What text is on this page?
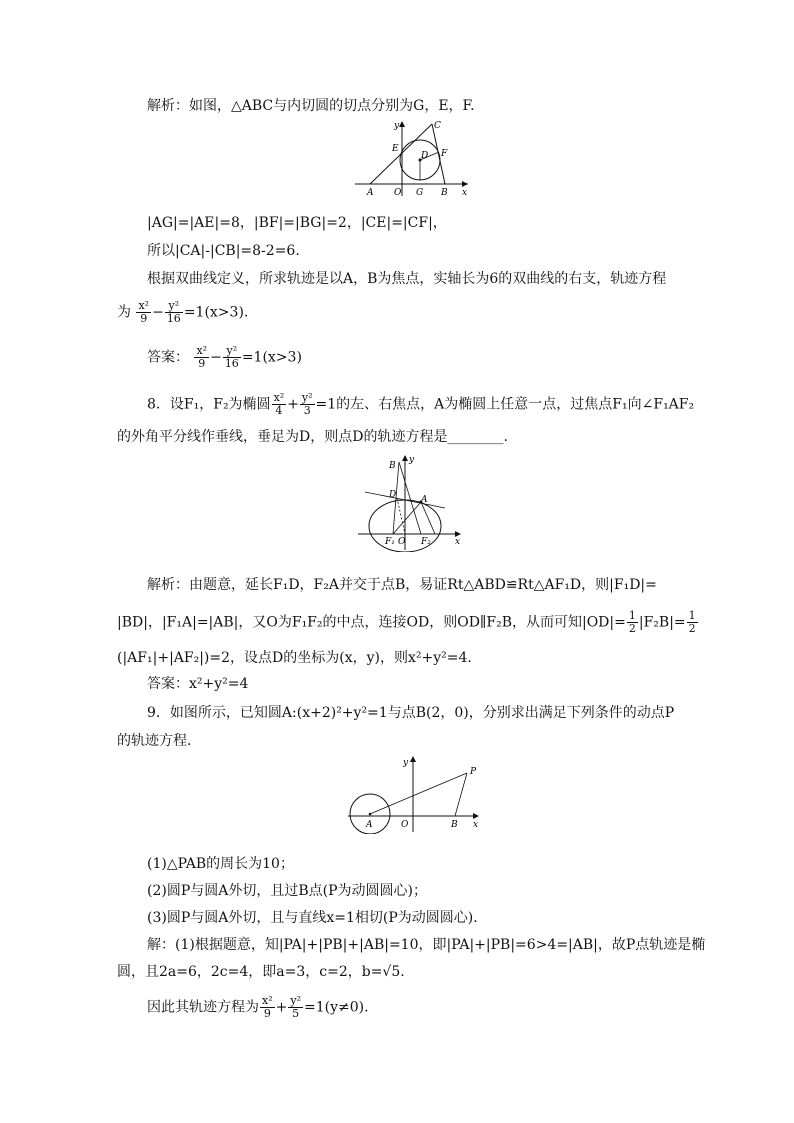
解析：如图，△ABC与内切圆的切点分别为G，E，F.
y	C
E
D F
A O G B x
|AG|=|AE|=8，|BF|=|BG|=2，|CE|=|CF|，
所以|CA|-|CB|=8-2=6.
根据双曲线定义，所求轨迹是以A，B为焦点，实轴长为6的双曲线的右支，轨迹方程
为 $\frac{\text{x²}}{9} - \frac{\text{y²}}{16} =1(x>3)$.
答案： $\frac{\text{x²}}{9} - \frac{\text{y²}}{16} =1(x>3)$
8．设F₁，F₂为椭圆 $\frac{\text{x²}}{4} + \frac{\text{y²}}{3} =1$的左、右焦点，A为椭圆上任意一点，过焦点F₁向∠F₁AF₂
的外角平分线作垂线，垂足为D，则点D的轨迹方程是________.
B
y
D	A
F₁ O F₂	x
解析：由题意，延长F₁D，F₂A并交于点B，易证Rt△ABD≌Rt△AF₁D，则|F₁D|=
|BD|，|F₁A|=|AB|，又O为F₁F₂的中点，连接OD，则OD∥F₂B，从而可知$|OD|= \frac{1}{2} |F_2B|= \frac{1}{2}$
(|AF₁|+|AF₂|)=2，设点D的坐标为(x，y)，则x²+y²=4.
答案：x²+y²=4
9．如图所示，已知圆A:(x+2)²+y²=1与点B(2，0)，分别求出满足下列条件的动点P
的轨迹方程．
y
P
A	O	B x
(1)△PAB的周长为10；
(2)圆P与圆A外切，且过B点(P为动圆圆心)；
(3)圆P与圆A外切，且与直线x=1相切(P为动圆圆心)．
解：(1)根据题意，知|PA|+|PB|+|AB|=10，即|PA|+|PB|=6>4=|AB|，故P点轨迹是椭
圆，且2a=6，2c=4，即a=3，c=2，b=√5.
因此其轨迹方程为 $\frac{\text{x²}}{9} + \frac{\text{y²}}{5} =1(y\ne 0)$.
